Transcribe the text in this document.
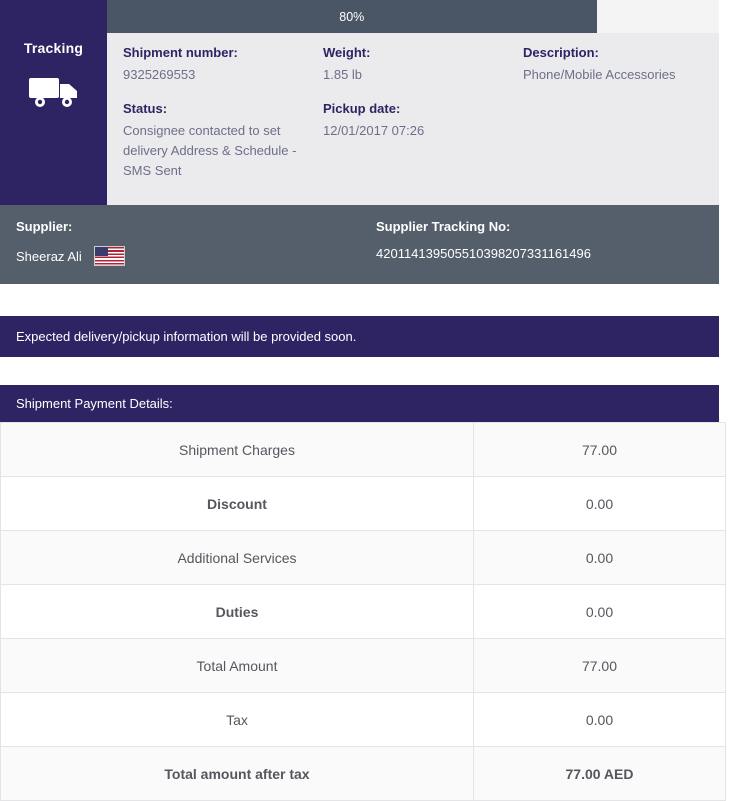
Tracking
80%
Shipment number:
9325269553
Weight:
1.85 lb
Description:
Phone/Mobile Accessories
Status:
Consignee contacted to set delivery Address & Schedule -SMS Sent
Pickup date:
12/01/2017 07:26
Supplier:
Sheeraz Ali
Supplier Tracking No:
420114139505510398207331161496
Expected delivery/pickup information will be provided soon.
Shipment Payment Details:
Shipment Charges	77.00
Discount	0.00
Additional Services	0.00
Duties	0.00
Total Amount	77.00
Tax	0.00
Total amount after tax	77.00 AED
